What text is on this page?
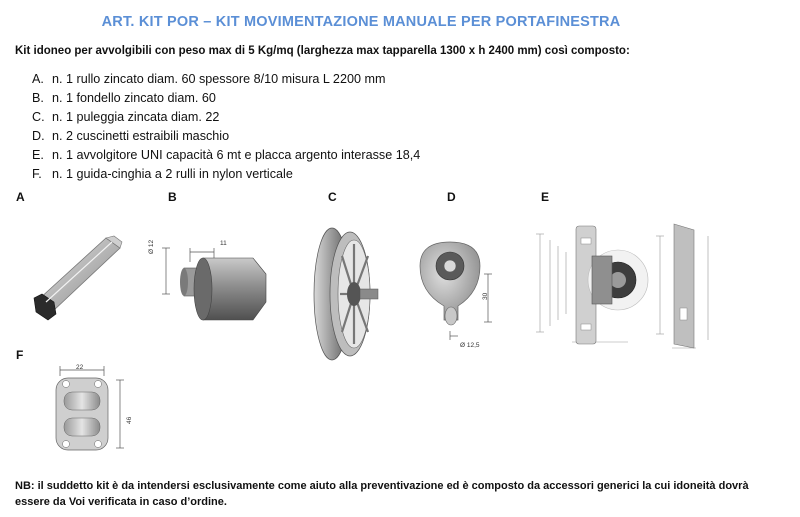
ART. KIT POR – KIT MOVIMENTAZIONE MANUALE PER PORTAFINESTRA
Kit idoneo per avvolgibili con peso max di 5 Kg/mq (larghezza max tapparella 1300 x h 2400 mm) così composto:
A. n. 1 rullo zincato diam. 60 spessore 8/10 misura L 2200 mm
B. n. 1 fondello zincato diam. 60
C. n. 1 puleggia zincata diam. 22
D. n. 2 cuscinetti estraibili maschio
E. n. 1 avvolgitore UNI capacità 6 mt e placca argento interasse 18,4
F. n. 1 guida-cinghia a 2 rulli in nylon verticale
A	B	C	D	E
F
Ø 12	11
30
Ø 12,5
22
46
NB: il suddetto kit è da intendersi esclusivamente come aiuto alla preventivazione ed è composto da accessori generici la cui idoneità dovrà essere da Voi verificata in caso d’ordine.
